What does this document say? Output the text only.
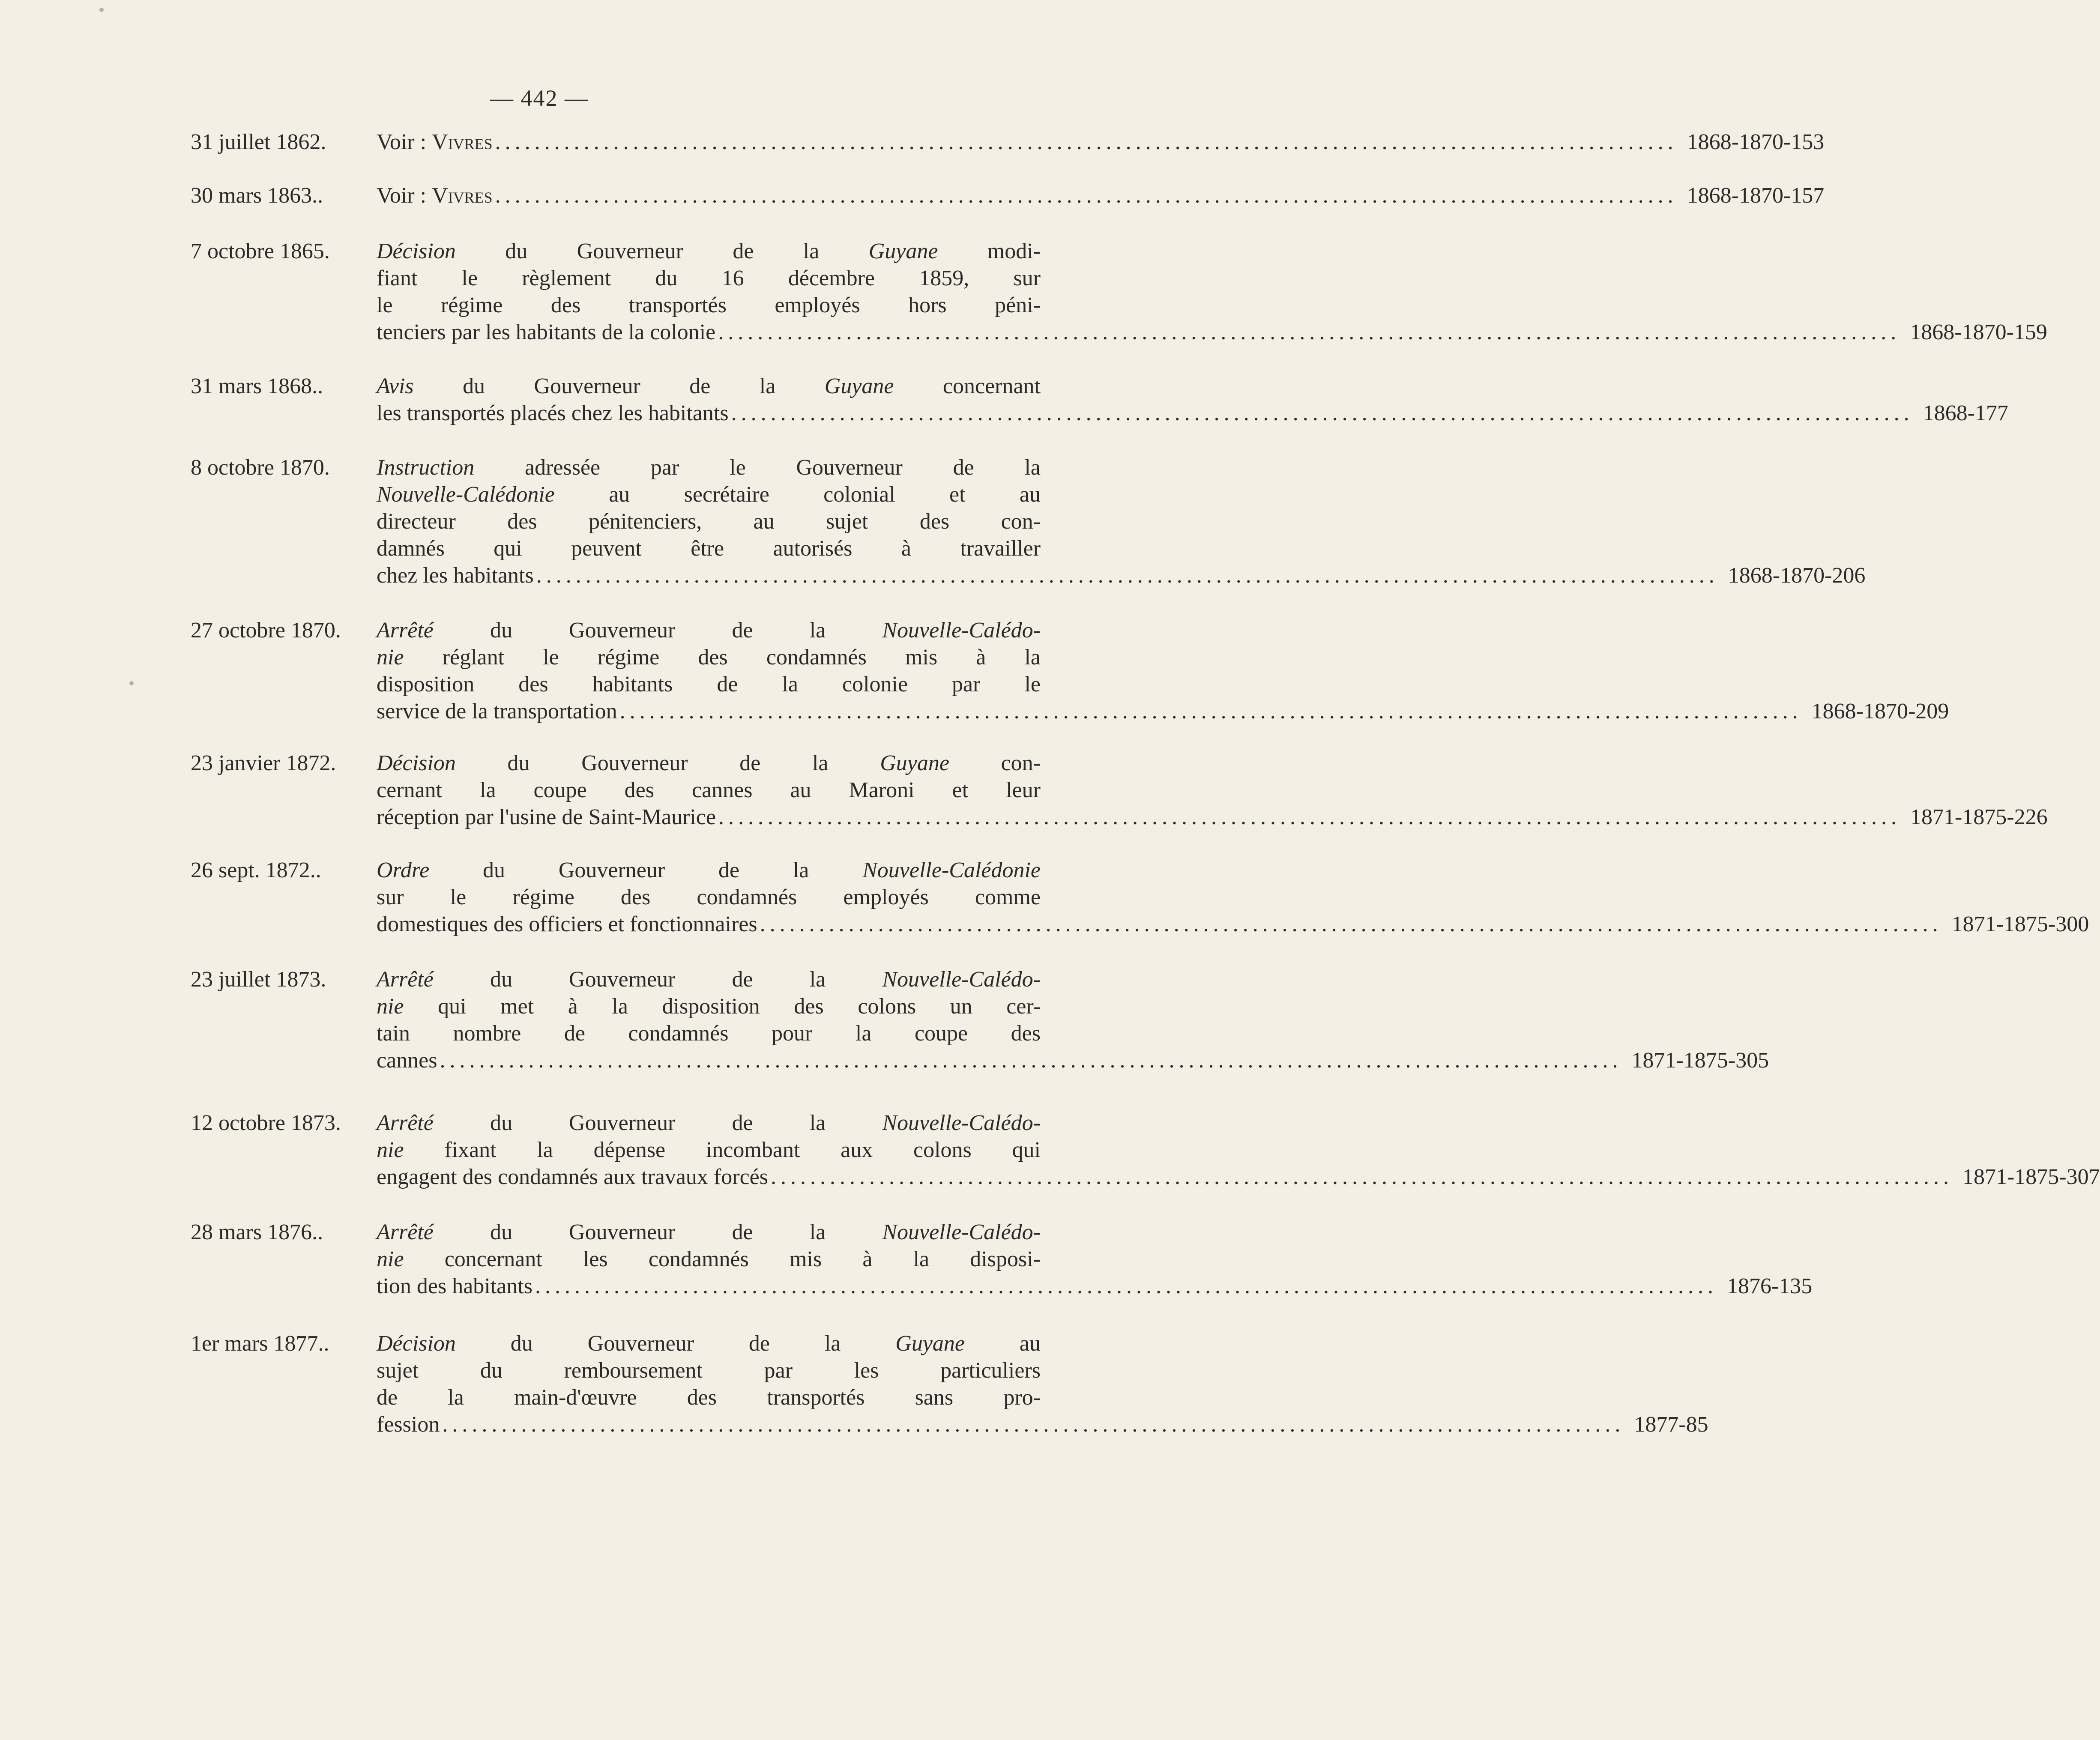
— 442 —
31 juillet 1862.	Voir : Vivres ........................................................................................................................ 1868-1870-153
30 mars 1863..	Voir : Vivres ........................................................................................................................ 1868-1870-157
7 octobre 1865.	Décision du Gouverneur de la Guyane modi-
fiant le règlement du 16 décembre 1859, sur
le régime des transportés employés hors péni-
tenciers par les habitants de la colonie ........................................................................................................................ 1868-1870-159
31 mars 1868..	Avis du Gouverneur de la Guyane concernant
les transportés placés chez les habitants ........................................................................................................................ 1868-177
8 octobre 1870.	Instruction adressée par le Gouverneur de la
Nouvelle-Calédonie au secrétaire colonial et au
directeur des pénitenciers, au sujet des con-
damnés qui peuvent être autorisés à travailler
chez les habitants ........................................................................................................................ 1868-1870-206
27 octobre 1870.	Arrêté du Gouverneur de la Nouvelle-Calédo-
nie réglant le régime des condamnés mis à la
disposition des habitants de la colonie par le
service de la transportation ........................................................................................................................ 1868-1870-209
23 janvier 1872.	Décision du Gouverneur de la Guyane con-
cernant la coupe des cannes au Maroni et leur
réception par l'usine de Saint-Maurice ........................................................................................................................ 1871-1875-226
26 sept. 1872..	Ordre du Gouverneur de la Nouvelle-Calédonie
sur le régime des condamnés employés comme
domestiques des officiers et fonctionnaires ........................................................................................................................ 1871-1875-300
23 juillet 1873.	Arrêté du Gouverneur de la Nouvelle-Calédo-
nie qui met à la disposition des colons un cer-
tain nombre de condamnés pour la coupe des
cannes ........................................................................................................................ 1871-1875-305
12 octobre 1873.	Arrêté du Gouverneur de la Nouvelle-Calédo-
nie fixant la dépense incombant aux colons qui
engagent des condamnés aux travaux forcés ........................................................................................................................ 1871-1875-307
28 mars 1876..	Arrêté du Gouverneur de la Nouvelle-Calédo-
nie concernant les condamnés mis à la disposi-
tion des habitants ........................................................................................................................ 1876-135
1er mars 1877..	Décision du Gouverneur de la Guyane au
sujet du remboursement par les particuliers
de la main-d'œuvre des transportés sans pro-
fession ........................................................................................................................ 1877-85
